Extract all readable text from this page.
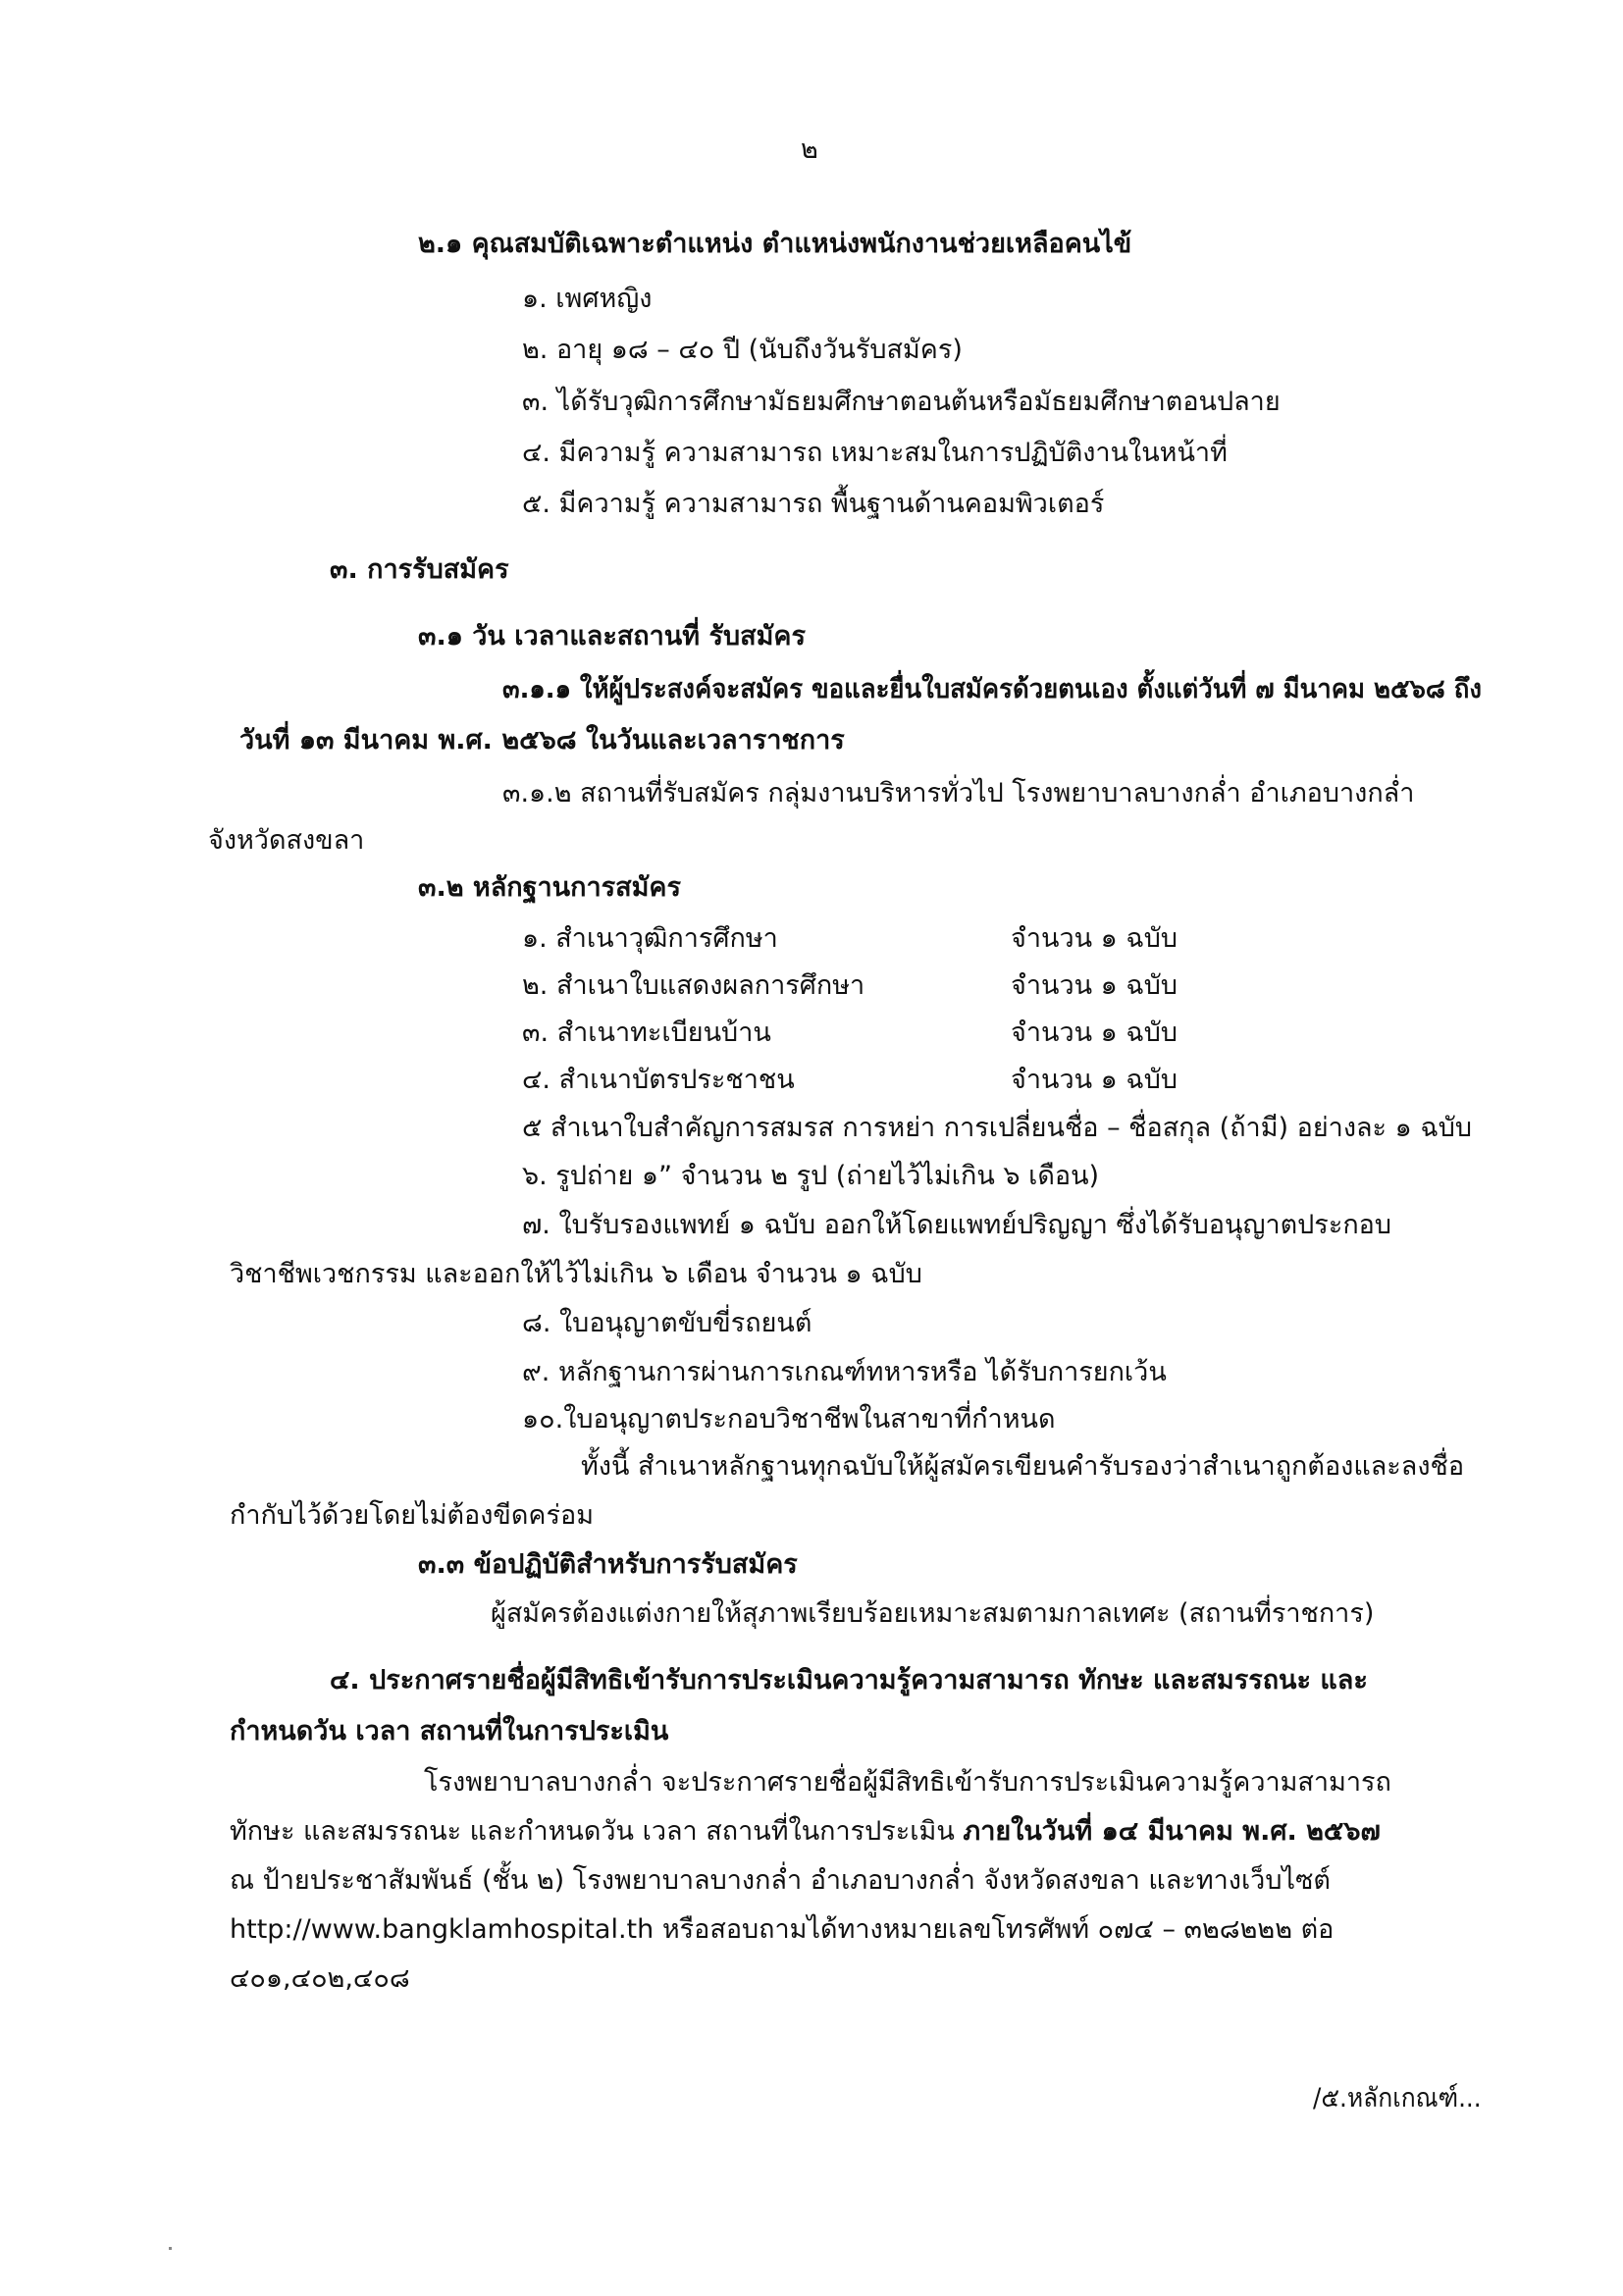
๒
๒.๑ คุณสมบัติเฉพาะตำแหน่ง ตำแหน่งพนักงานช่วยเหลือคนไข้
๑. เพศหญิง
๒. อายุ ๑๘ – ๔๐ ปี (นับถึงวันรับสมัคร)
๓. ได้รับวุฒิการศึกษามัธยมศึกษาตอนต้นหรือมัธยมศึกษาตอนปลาย
๔. มีความรู้ ความสามารถ เหมาะสมในการปฏิบัติงานในหน้าที่
๕. มีความรู้ ความสามารถ พื้นฐานด้านคอมพิวเตอร์
๓. การรับสมัคร
๓.๑ วัน เวลาและสถานที่ รับสมัคร
๓.๑.๑ ให้ผู้ประสงค์จะสมัคร ขอและยื่นใบสมัครด้วยตนเอง ตั้งแต่วันที่ ๗ มีนาคม ๒๕๖๘ ถึง
วันที่ ๑๓ มีนาคม พ.ศ. ๒๕๖๘ ในวันและเวลาราชการ
๓.๑.๒ สถานที่รับสมัคร กลุ่มงานบริหารทั่วไป โรงพยาบาลบางกล่ำ อำเภอบางกล่ำ
จังหวัดสงขลา
๓.๒ หลักฐานการสมัคร
๑. สำเนาวุฒิการศึกษา	จำนวน ๑ ฉบับ
๒. สำเนาใบแสดงผลการศึกษา	จำนวน ๑ ฉบับ
๓. สำเนาทะเบียนบ้าน	จำนวน ๑ ฉบับ
๔. สำเนาบัตรประชาชน	จำนวน ๑ ฉบับ
๕ สำเนาใบสำคัญการสมรส การหย่า การเปลี่ยนชื่อ – ชื่อสกุล (ถ้ามี) อย่างละ ๑ ฉบับ
๖. รูปถ่าย ๑” จำนวน ๒ รูป (ถ่ายไว้ไม่เกิน ๖ เดือน)
๗. ใบรับรองแพทย์ ๑ ฉบับ ออกให้โดยแพทย์ปริญญา ซึ่งได้รับอนุญาตประกอบ
วิชาชีพเวชกรรม และออกให้ไว้ไม่เกิน ๖ เดือน จำนวน ๑ ฉบับ
๘. ใบอนุญาตขับขี่รถยนต์
๙. หลักฐานการผ่านการเกณฑ์ทหารหรือ ได้รับการยกเว้น
๑๐.ใบอนุญาตประกอบวิชาชีพในสาขาที่กำหนด
ทั้งนี้ สำเนาหลักฐานทุกฉบับให้ผู้สมัครเขียนคำรับรองว่าสำเนาถูกต้องและลงชื่อ
กำกับไว้ด้วยโดยไม่ต้องขีดคร่อม
๓.๓ ข้อปฏิบัติสำหรับการรับสมัคร
ผู้สมัครต้องแต่งกายให้สุภาพเรียบร้อยเหมาะสมตามกาลเทศะ (สถานที่ราชการ)
๔. ประกาศรายชื่อผู้มีสิทธิเข้ารับการประเมินความรู้ความสามารถ ทักษะ และสมรรถนะ และ
กำหนดวัน เวลา สถานที่ในการประเมิน
โรงพยาบาลบางกล่ำ จะประกาศรายชื่อผู้มีสิทธิเข้ารับการประเมินความรู้ความสามารถ
ทักษะ และสมรรถนะ และกำหนดวัน เวลา สถานที่ในการประเมิน ภายในวันที่ ๑๔ มีนาคม พ.ศ. ๒๕๖๗
ณ ป้ายประชาสัมพันธ์ (ชั้น ๒) โรงพยาบาลบางกล่ำ อำเภอบางกล่ำ จังหวัดสงขลา และทางเว็บไซต์
http://www.bangklamhospital.th หรือสอบถามได้ทางหมายเลขโทรศัพท์ ๐๗๔ – ๓๒๘๒๒๒ ต่อ
๔๐๑,๔๐๒,๔๐๘
/๕.หลักเกณฑ์...
